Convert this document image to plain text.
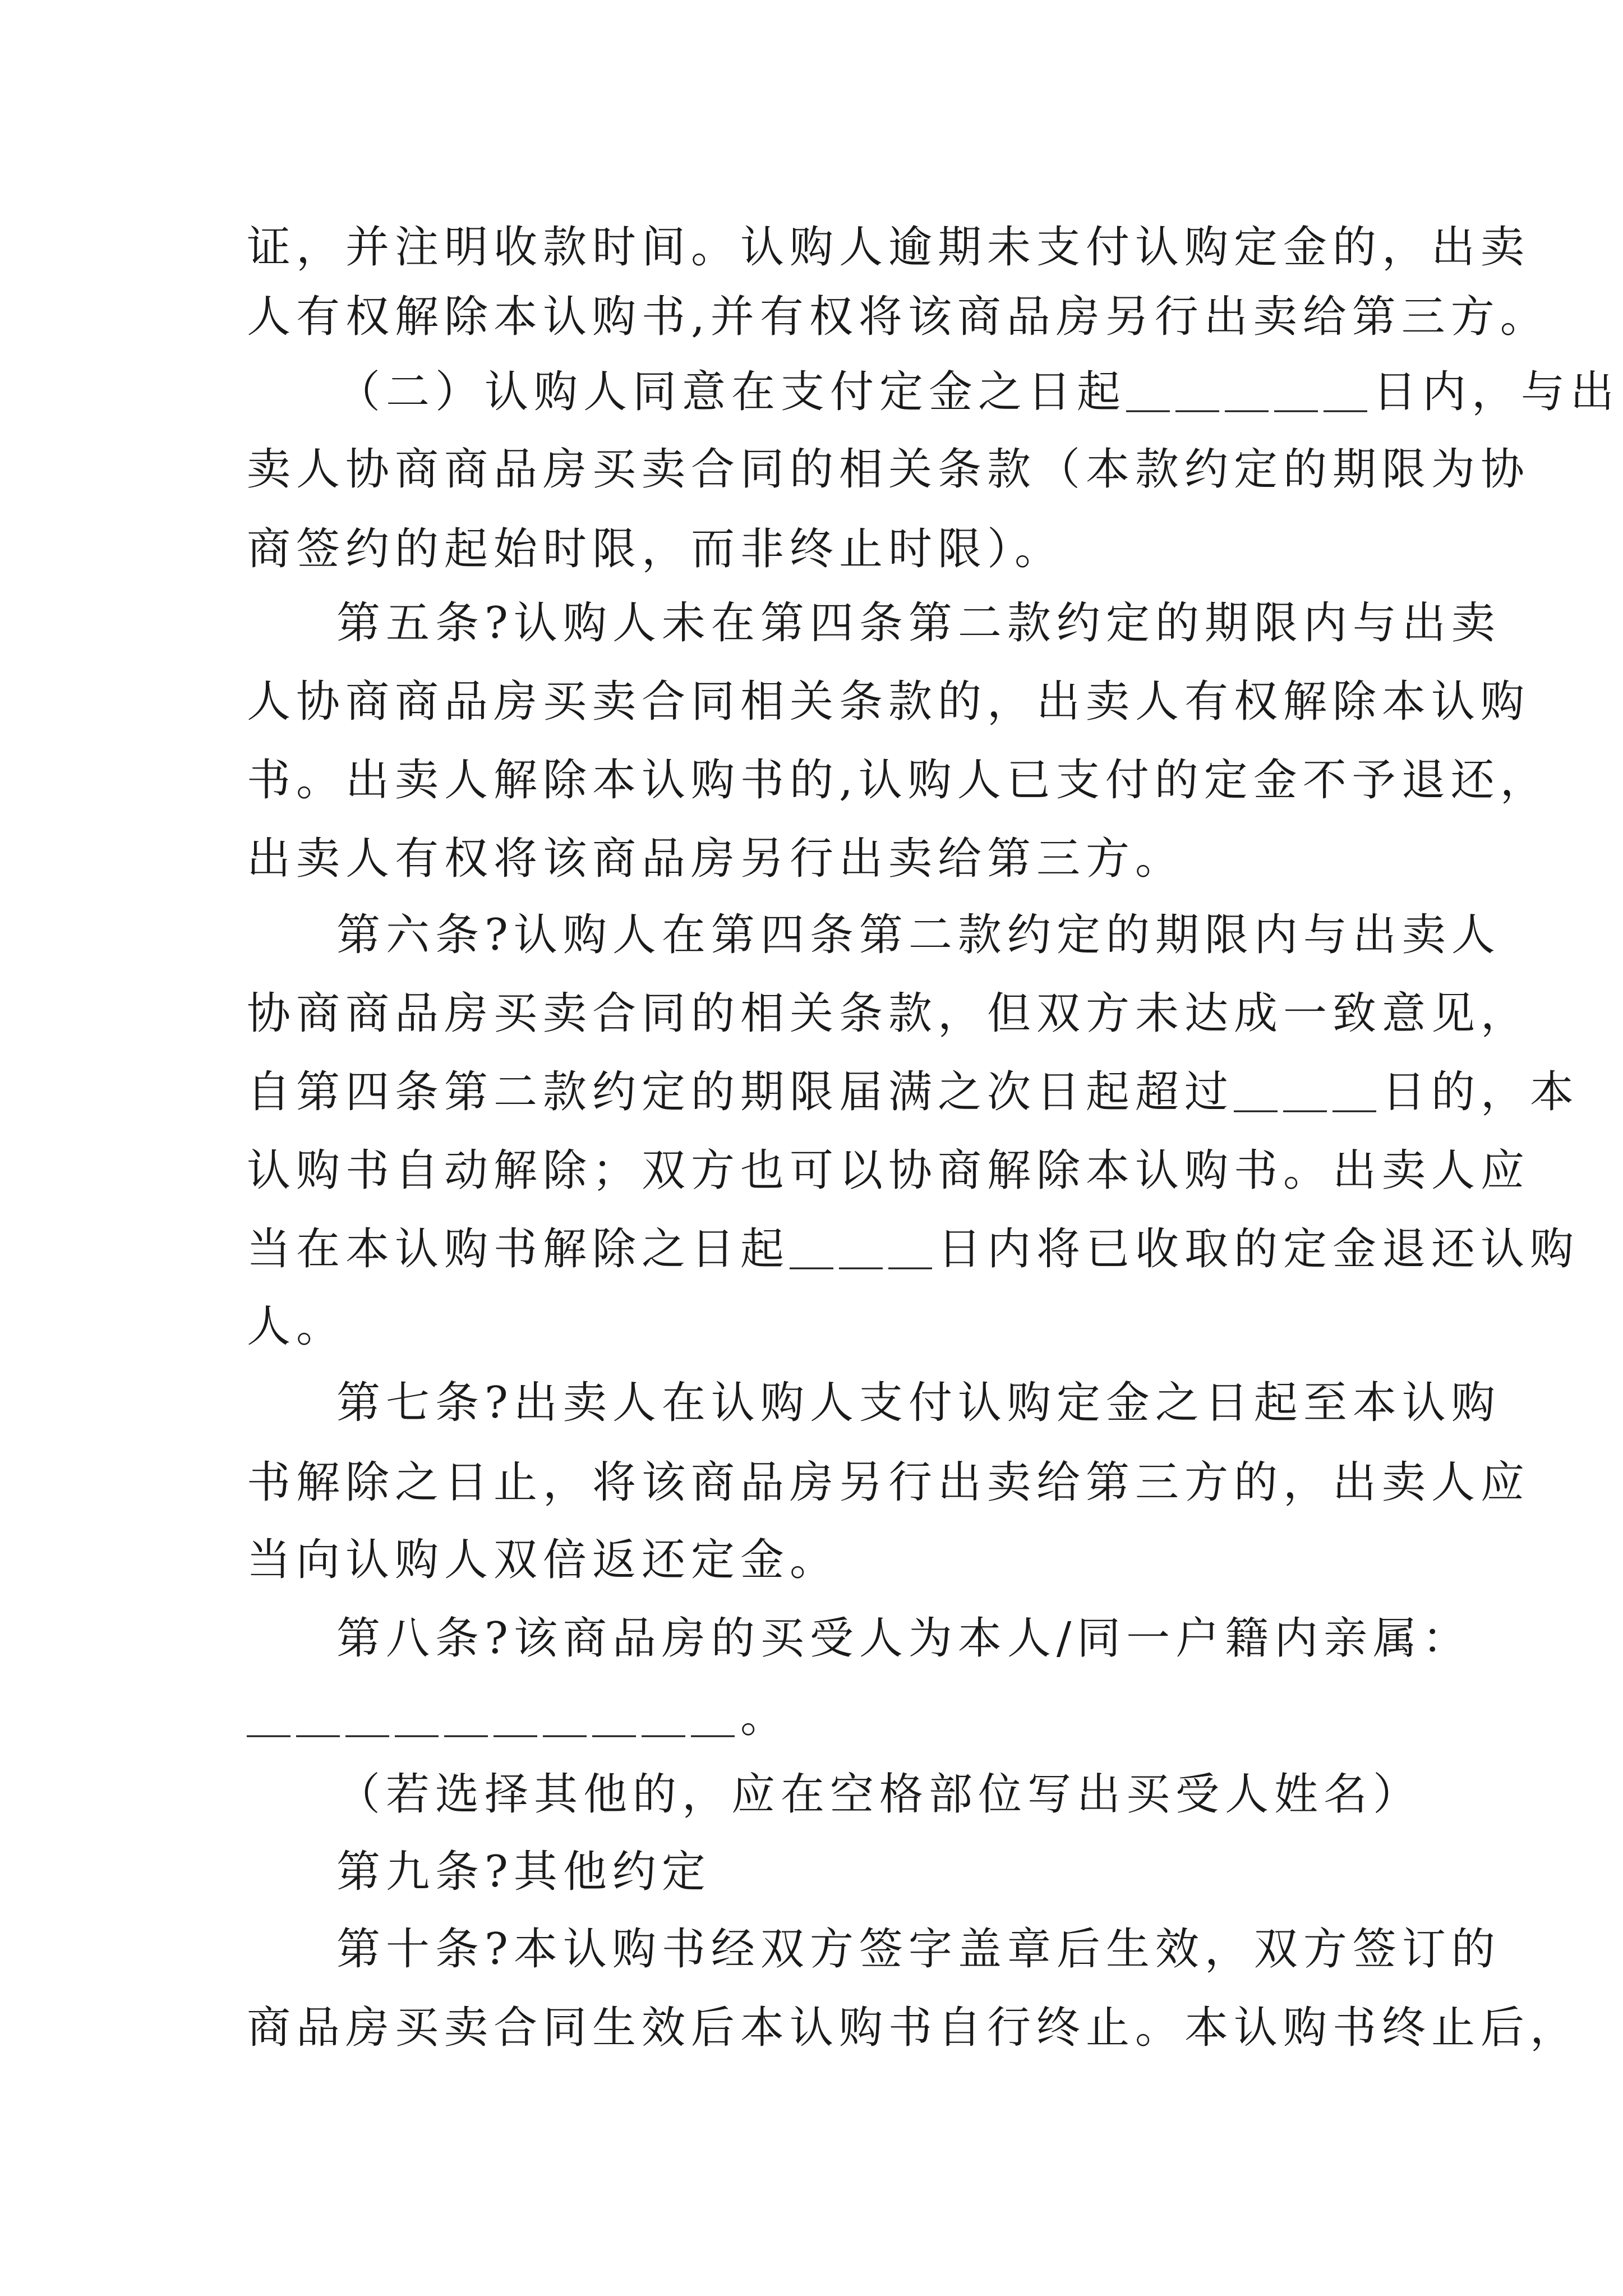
证，并注明收款时间。认购人逾期未支付认购定金的，出卖
人有权解除本认购书,并有权将该商品房另行出卖给第三方。
（二）认购人同意在支付定金之日起＿＿＿＿＿日内，与出
卖人协商商品房买卖合同的相关条款（本款约定的期限为协
商签约的起始时限，而非终止时限）。
第五条?认购人未在第四条第二款约定的期限内与出卖
人协商商品房买卖合同相关条款的，出卖人有权解除本认购
书。出卖人解除本认购书的,认购人已支付的定金不予退还，
出卖人有权将该商品房另行出卖给第三方。
第六条?认购人在第四条第二款约定的期限内与出卖人
协商商品房买卖合同的相关条款，但双方未达成一致意见，
自第四条第二款约定的期限届满之次日起超过＿＿＿日的，本
认购书自动解除；双方也可以协商解除本认购书。出卖人应
当在本认购书解除之日起＿＿＿日内将已收取的定金退还认购
人。
第七条?出卖人在认购人支付认购定金之日起至本认购
书解除之日止，将该商品房另行出卖给第三方的，出卖人应
当向认购人双倍返还定金。
第八条?该商品房的买受人为本人/同一户籍内亲属：
＿＿＿＿＿＿＿＿＿＿。
（若选择其他的，应在空格部位写出买受人姓名）
第九条?其他约定
第十条?本认购书经双方签字盖章后生效，双方签订的
商品房买卖合同生效后本认购书自行终止。本认购书终止后，
